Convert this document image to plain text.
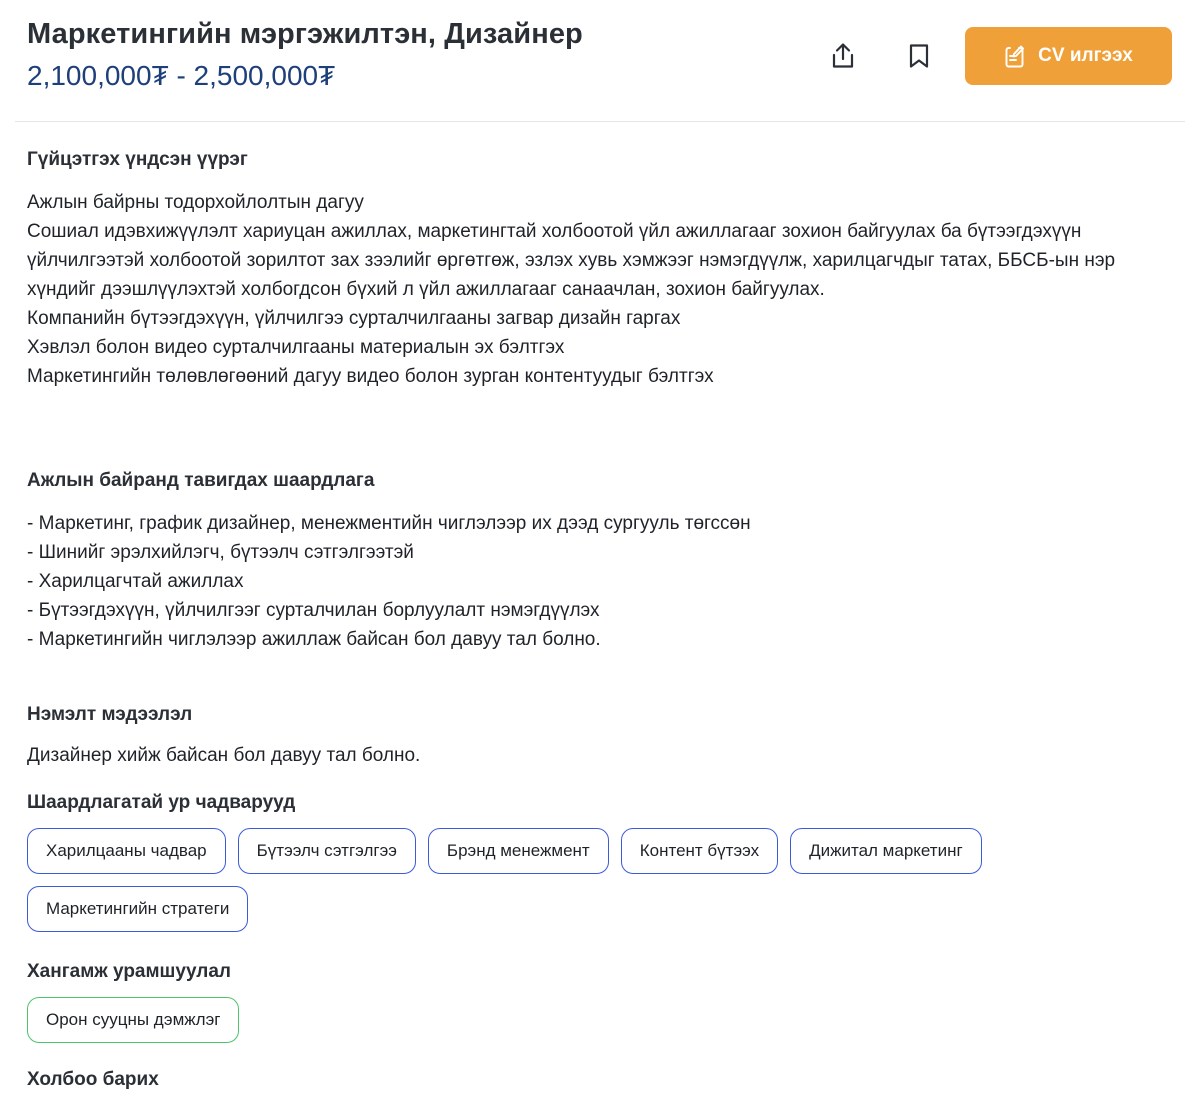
Маркетингийн мэргэжилтэн, Дизайнер
2,100,000₮ - 2,500,000₮
CV илгээх
Гүйцэтгэх үндсэн үүрэг
Ажлын байрны тодорхойлолтын дагуу
Сошиал идэвхижүүлэлт хариуцан ажиллах, маркетингтай холбоотой үйл ажиллагааг зохион байгуулах ба бүтээгдэхүүн үйлчилгээтэй холбоотой зорилтот зах зээлийг өргөтгөж, эзлэх хувь хэмжээг нэмэгдүүлж, харилцагчдыг татах, ББСБ-ын нэр хүндийг дээшлүүлэхтэй холбогдсон бүхий л үйл ажиллагааг санаачлан, зохион байгуулах.
Компанийн бүтээгдэхүүн, үйлчилгээ сурталчилгааны загвар дизайн гаргах
Хэвлэл болон видео сурталчилгааны материалын эх бэлтгэх
Маркетингийн төлөвлөгөөний дагуу видео болон зурган контентуудыг бэлтгэх
Ажлын байранд тавигдах шаардлага
- Маркетинг, график дизайнер, менежментийн чиглэлээр их дээд сургууль төгссөн
- Шинийг эрэлхийлэгч, бүтээлч сэтгэлгээтэй
- Харилцагчтай ажиллах
- Бүтээгдэхүүн, үйлчилгээг сурталчилан борлуулалт нэмэгдүүлэх
- Маркетингийн чиглэлээр ажиллаж байсан бол давуу тал болно.
Нэмэлт мэдээлэл
Дизайнер хийж байсан бол давуу тал болно.
Шаардлагатай ур чадварууд
Харилцааны чадвар	Бүтээлч сэтгэлгээ	Брэнд менежмент	Контент бүтээх	Дижитал маркетинг
Маркетингийн стратеги
Хангамж урамшуулал
Орон сууцны дэмжлэг
Холбоо барих
